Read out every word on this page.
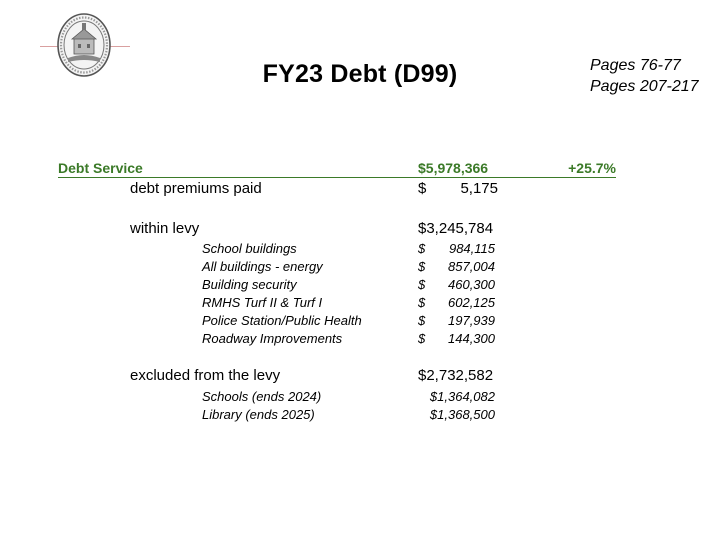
FY23 Debt (D99)	Pages 76-77
Pages 207-217
Debt Service	$5,978,366	+25.7%
debt premiums paid	$	5,175
within levy	$3,245,784
School buildings	$	984,115
All buildings - energy	$	857,004
Building security	$	460,300
RMHS Turf II & Turf I	$	602,125
Police Station/Public Health	$	197,939
Roadway Improvements	$	144,300
excluded from the levy	$2,732,582
Schools (ends 2024)	$1,364,082
Library (ends 2025)	$1,368,500
